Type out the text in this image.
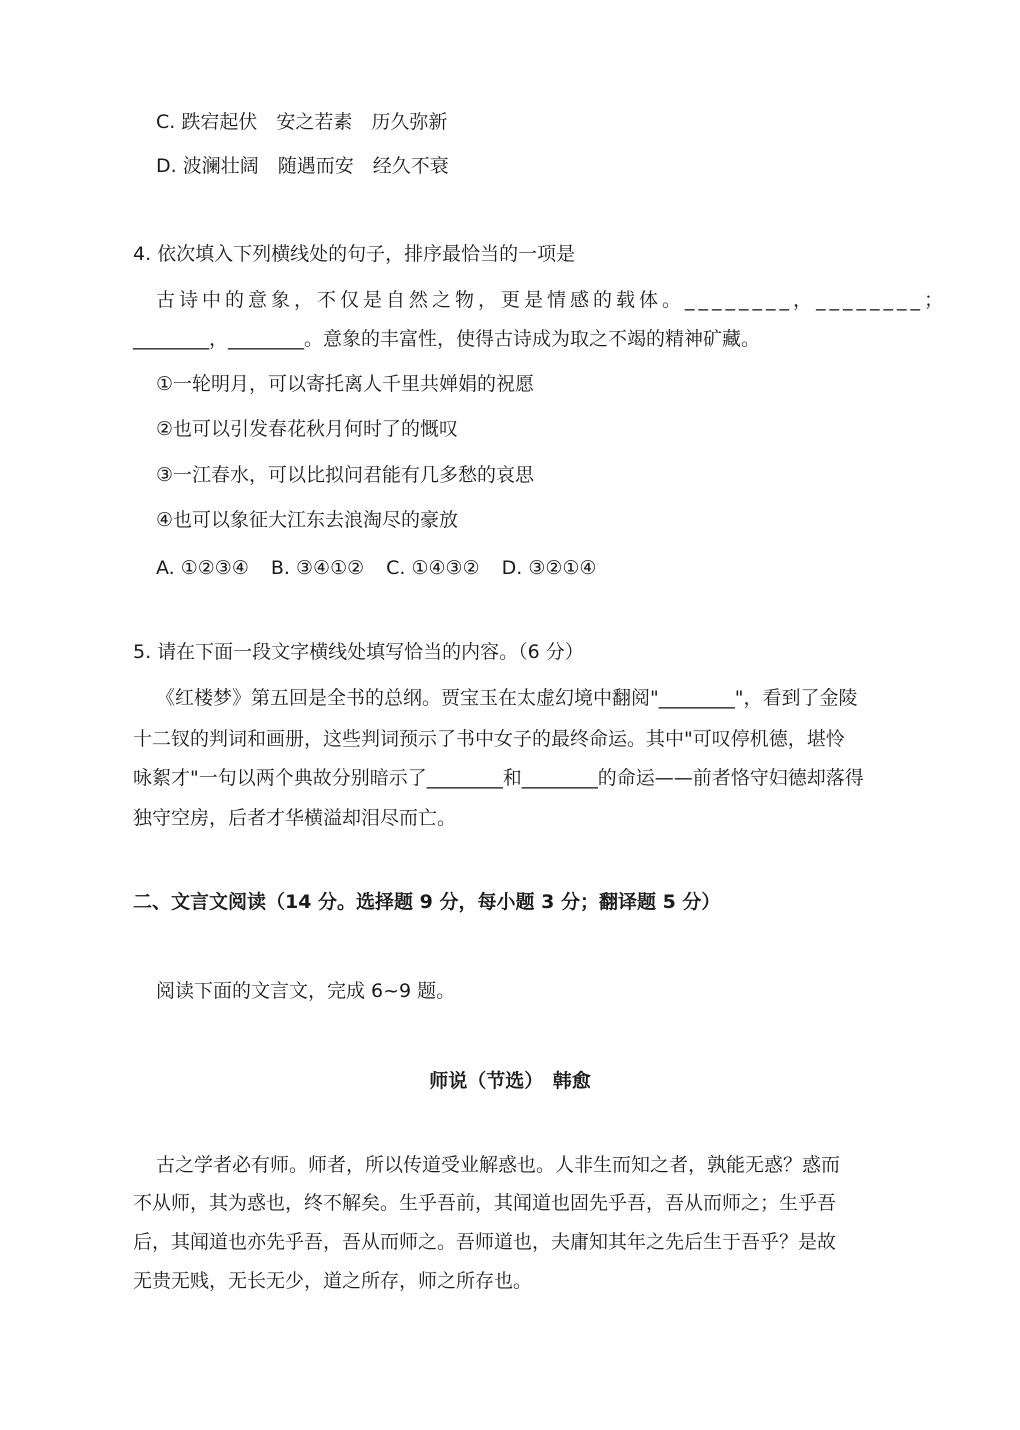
C. 跌宕起伏　安之若素　历久弥新
D. 波澜壮阔　随遇而安　经久不衰
4. 依次填入下列横线处的句子，排序最恰当的一项是
古诗中的意象，不仅是自然之物，更是情感的载体。________，________；
________，________。意象的丰富性，使得古诗成为取之不竭的精神矿藏。
①一轮明月，可以寄托离人千里共婵娟的祝愿
②也可以引发春花秋月何时了的慨叹
③一江春水，可以比拟问君能有几多愁的哀思
④也可以象征大江东去浪淘尽的豪放
A. ①②③④ B. ③④①② C. ①④③② D. ③②①④
5. 请在下面一段文字横线处填写恰当的内容。（6 分）
《红楼梦》第五回是全书的总纲。贾宝玉在太虚幻境中翻阅"________"，看到了金陵
十二钗的判词和画册，这些判词预示了书中女子的最终命运。其中"可叹停机德，堪怜
咏絮才"一句以两个典故分别暗示了________和________的命运——前者恪守妇德却落得
独守空房，后者才华横溢却泪尽而亡。
二、文言文阅读（14 分。选择题 9 分，每小题 3 分；翻译题 5 分）
阅读下面的文言文，完成 6~9 题。
师说（节选）　韩愈
古之学者必有师。师者，所以传道受业解惑也。人非生而知之者，孰能无惑？惑而
不从师，其为惑也，终不解矣。生乎吾前，其闻道也固先乎吾，吾从而师之；生乎吾
后，其闻道也亦先乎吾，吾从而师之。吾师道也，夫庸知其年之先后生于吾乎？是故
无贵无贱，无长无少，道之所存，师之所存也。
